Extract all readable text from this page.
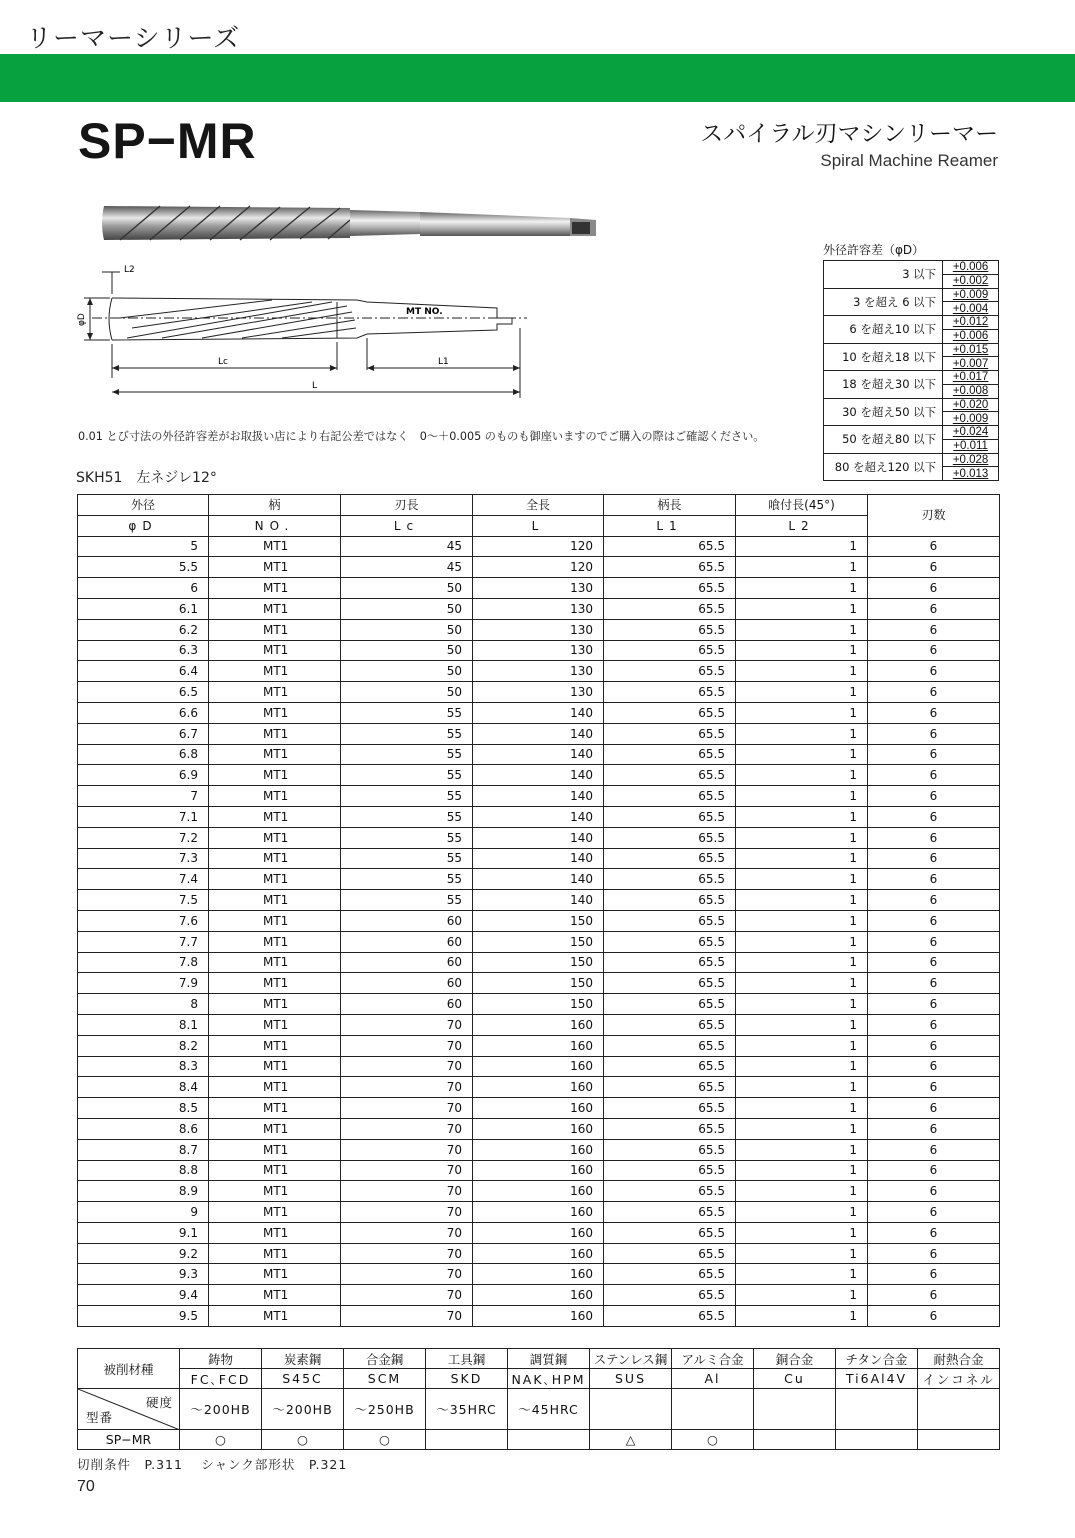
リーマーシリーズ
SP−MR	スパイラル刃マシンリーマー
Spiral Machine Reamer
L2
φD
MT NO.
Lc	L1
L
外径許容差（φD）
3 以下	+0.006
	+0.002
3 を超え 6 以下	+0.009
	+0.004
6 を超え10 以下	+0.012
	+0.006
10 を超え18 以下	+0.015
	+0.007
18 を超え30 以下	+0.017
	+0.008
30 を超え50 以下	+0.020
	+0.009
50 を超え80 以下	+0.024
	+0.011
80 を超え120 以下	+0.028
	+0.013
0.01 とび寸法の外径許容差がお取扱い店により右記公差ではなく　0〜＋0.005 のものも御座いますのでご購入の際はご確認ください。
SKH51　左ネジレ12°
外径	柄	刃長	全長	柄長	喰付長(45°)	刃数
φD	NO.	Lc	L	L1	L2	
5	MT1	45	120	65.5	1	6
5.5	MT1	45	120	65.5	1	6
6	MT1	50	130	65.5	1	6
6.1	MT1	50	130	65.5	1	6
6.2	MT1	50	130	65.5	1	6
6.3	MT1	50	130	65.5	1	6
6.4	MT1	50	130	65.5	1	6
6.5	MT1	50	130	65.5	1	6
6.6	MT1	55	140	65.5	1	6
6.7	MT1	55	140	65.5	1	6
6.8	MT1	55	140	65.5	1	6
6.9	MT1	55	140	65.5	1	6
7	MT1	55	140	65.5	1	6
7.1	MT1	55	140	65.5	1	6
7.2	MT1	55	140	65.5	1	6
7.3	MT1	55	140	65.5	1	6
7.4	MT1	55	140	65.5	1	6
7.5	MT1	55	140	65.5	1	6
7.6	MT1	60	150	65.5	1	6
7.7	MT1	60	150	65.5	1	6
7.8	MT1	60	150	65.5	1	6
7.9	MT1	60	150	65.5	1	6
8	MT1	60	150	65.5	1	6
8.1	MT1	70	160	65.5	1	6
8.2	MT1	70	160	65.5	1	6
8.3	MT1	70	160	65.5	1	6
8.4	MT1	70	160	65.5	1	6
8.5	MT1	70	160	65.5	1	6
8.6	MT1	70	160	65.5	1	6
8.7	MT1	70	160	65.5	1	6
8.8	MT1	70	160	65.5	1	6
8.9	MT1	70	160	65.5	1	6
9	MT1	70	160	65.5	1	6
9.1	MT1	70	160	65.5	1	6
9.2	MT1	70	160	65.5	1	6
9.3	MT1	70	160	65.5	1	6
9.4	MT1	70	160	65.5	1	6
9.5	MT1	70	160	65.5	1	6
被削材種	鋳物	炭素鋼	合金鋼	工具鋼	調質鋼	ステンレス鋼	アルミ合金	銅合金	チタン合金	耐熱合金
	FC､FCD	S45C	SCM	SKD	NAK､HPM	SUS	Al	Cu	Ti6Al4V	インコネル

硬度
型番	〜200HB	〜200HB	〜250HB	〜35HRC	〜45HRC					
SP−MR	○	○	○			△	○			
切削条件　P.311　 シャンク部形状　P.321
70
